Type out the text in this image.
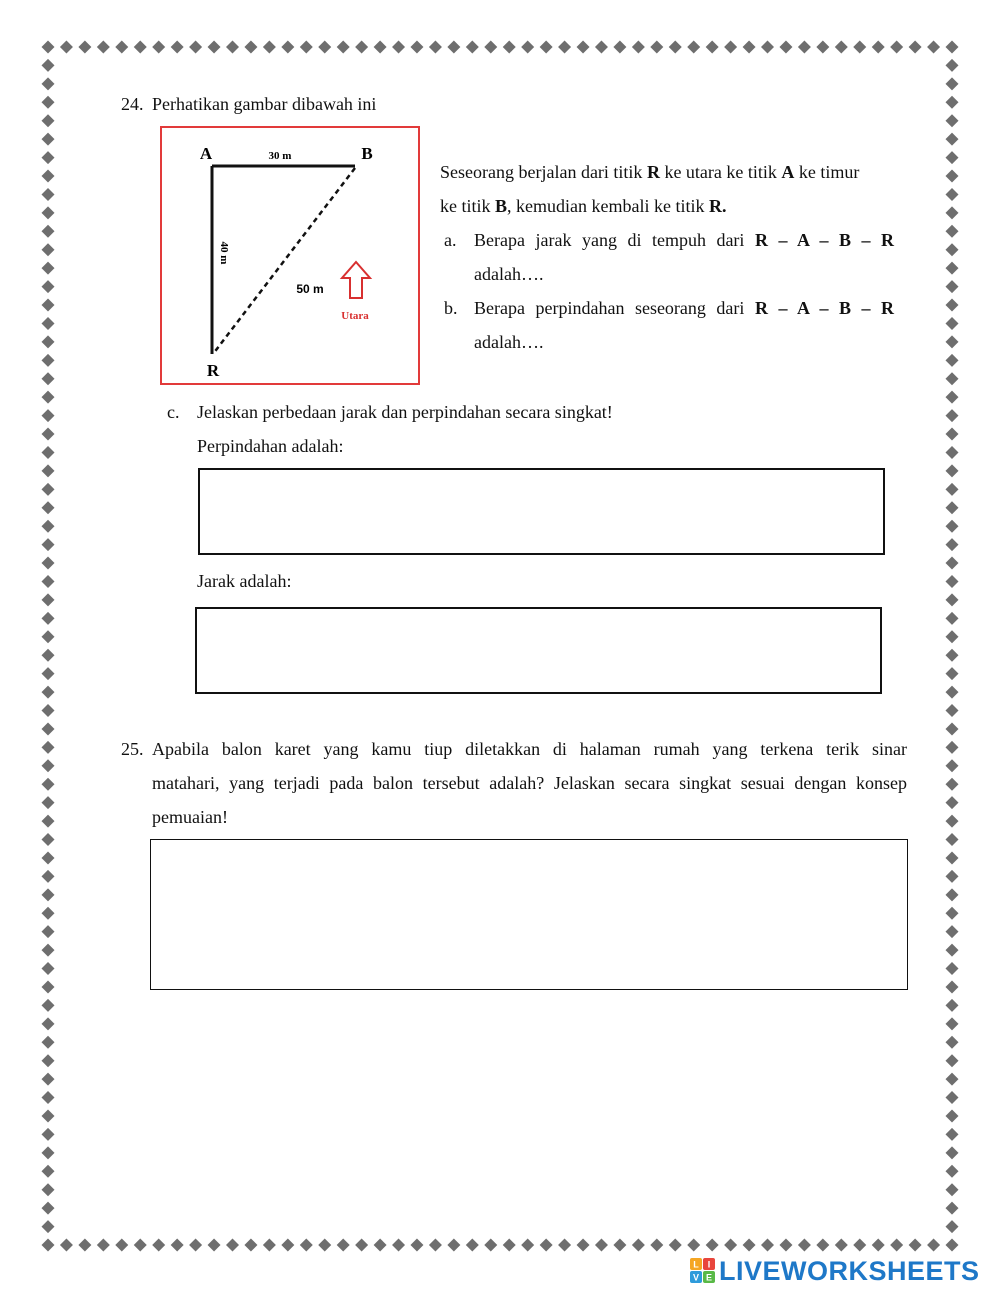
24. Perhatikan gambar dibawah ini
A	B
R
30 m
40 m
50 m
Utara
Seseorang berjalan dari titik R ke utara ke titik A ke timur
ke titik B, kemudian kembali ke titik R.
a. Berapa jarak yang di tempuh dari R – A – B – R
adalah….
b. Berapa perpindahan seseorang dari R – A – B – R
adalah….
c. Jelaskan perbedaan jarak dan perpindahan secara singkat!
Perpindahan adalah:
Jarak adalah:
25. Apabila balon karet yang kamu tiup diletakkan di halaman rumah yang terkena terik sinar
matahari, yang terjadi pada balon tersebut adalah? Jelaskan secara singkat sesuai dengan konsep
pemuaian!
L I
V E LIVEWORKSHEETS
